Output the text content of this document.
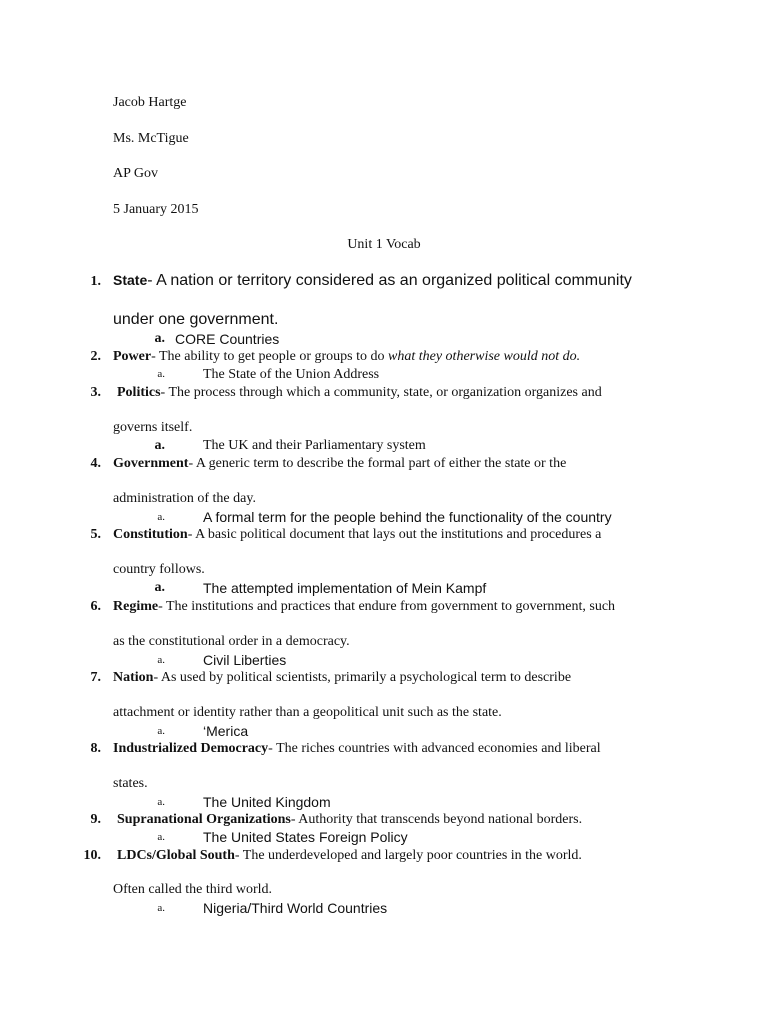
Jacob Hartge
Ms. McTigue
AP Gov
5 January 2015
Unit 1 Vocab
1. State- A nation or territory considered as an organized political community
under one government.
a. CORE Countries
2. Power- The ability to get people or groups to do what they otherwise would not do.
a.	The State of the Union Address
3. Politics- The process through which a community, state, or organization organizes and
governs itself.
a.	The UK and their Parliamentary system
4. Government- A generic term to describe the formal part of either the state or the
administration of the day.
a.	A formal term for the people behind the functionality of the country
5. Constitution- A basic political document that lays out the institutions and procedures a
country follows.
a.	The attempted implementation of Mein Kampf
6. Regime- The institutions and practices that endure from government to government, such
as the constitutional order in a democracy.
a.	Civil Liberties
7. Nation- As used by political scientists, primarily a psychological term to describe
attachment or identity rather than a geopolitical unit such as the state.
a.	‘Merica
8. Industrialized Democracy- The riches countries with advanced economies and liberal
states.
a.	The United Kingdom
9. Supranational Organizations- Authority that transcends beyond national borders.
a.	The United States Foreign Policy
10. LDCs/Global South- The underdeveloped and largely poor countries in the world.
Often called the third world.
a.	Nigeria/Third World Countries
